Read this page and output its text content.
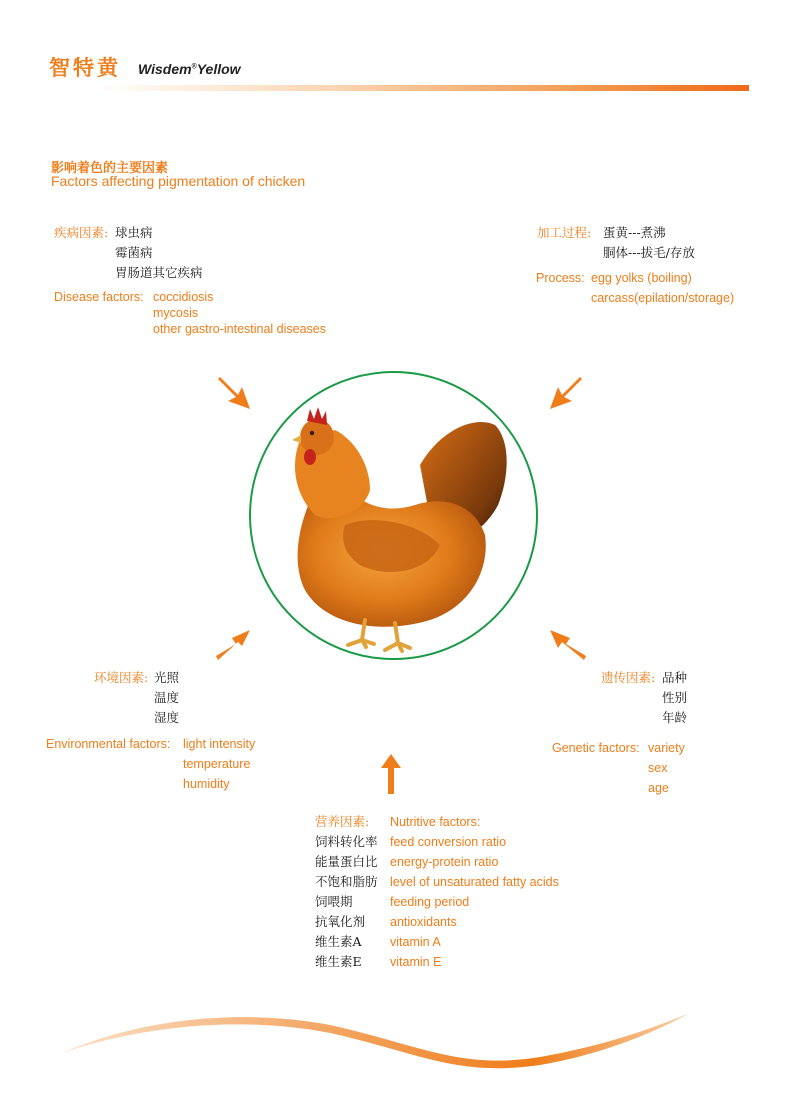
智特黄 Wisdem®Yellow
影响着色的主要因素
Factors affecting pigmentation of chicken
疾病因素: 球虫病
霉菌病
胃肠道其它疾病
Disease factors: coccidiosis
mycosis
other gastro-intestinal diseases
加工过程: 蛋黄---煮沸
胴体---拔毛/存放
Process: egg yolks (boiling)
carcass(epilation/storage)
环境因素: 光照
温度
湿度
Environmental factors: light intensity
temperature
humidity
遗传因素: 品种
性别
年龄
Genetic factors: variety
sex
age
营养因素: Nutritive factors:
饲料转化率
能量蛋白比
不饱和脂肪
饲喂期
抗氧化剂
维生素A
维生素E
feed conversion ratio
energy-protein ratio
level of unsaturated fatty acids
feeding period
antioxidants
vitamin A
vitamin E
